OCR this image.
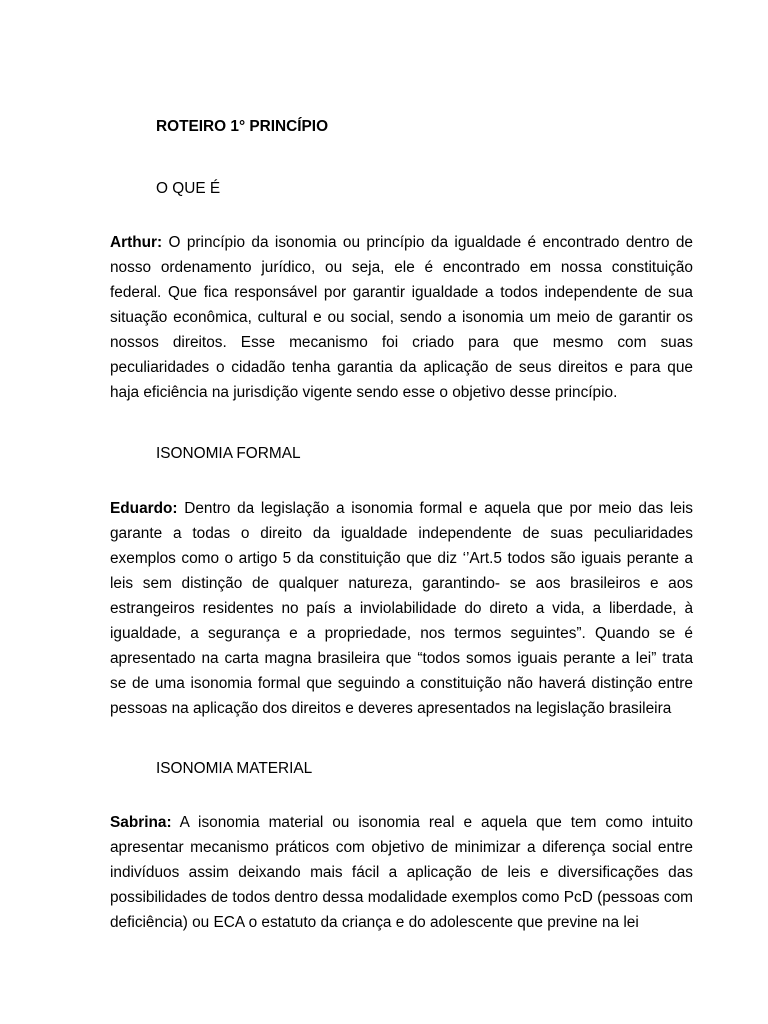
ROTEIRO 1° PRINCÍPIO

O QUE É

Arthur: O princípio da isonomia ou princípio da igualdade é encontrado dentro de nosso ordenamento jurídico, ou seja, ele é encontrado em nossa constituição federal. Que fica responsável por garantir igualdade a todos independente de sua situação econômica, cultural e ou social, sendo a isonomia um meio de garantir os nossos direitos. Esse mecanismo foi criado para que mesmo com suas peculiaridades o cidadão tenha garantia da aplicação de seus direitos e para que haja eficiência na jurisdição vigente sendo esse o objetivo desse princípio.

ISONOMIA FORMAL

Eduardo: Dentro da legislação a isonomia formal e aquela que por meio das leis garante a todas o direito da igualdade independente de suas peculiaridades exemplos como o artigo 5 da constituição que diz ‘’Art.5 todos são iguais perante a leis sem distinção de qualquer natureza, garantindo- se aos brasileiros e aos estrangeiros residentes no país a inviolabilidade do direto a vida, a liberdade, à igualdade, a segurança e a propriedade, nos termos seguintes”. Quando se é apresentado na carta magna brasileira que “todos somos iguais perante a lei” trata se de uma isonomia formal que seguindo a constituição não haverá distinção entre pessoas na aplicação dos direitos e deveres apresentados na legislação brasileira

ISONOMIA MATERIAL

Sabrina: A isonomia material ou isonomia real e aquela que tem como intuito apresentar mecanismo práticos com objetivo de minimizar a diferença social entre indivíduos assim deixando mais fácil a aplicação de leis e diversificações das possibilidades de todos dentro dessa modalidade exemplos como PcD (pessoas com deficiência) ou ECA o estatuto da criança e do adolescente que previne na lei
